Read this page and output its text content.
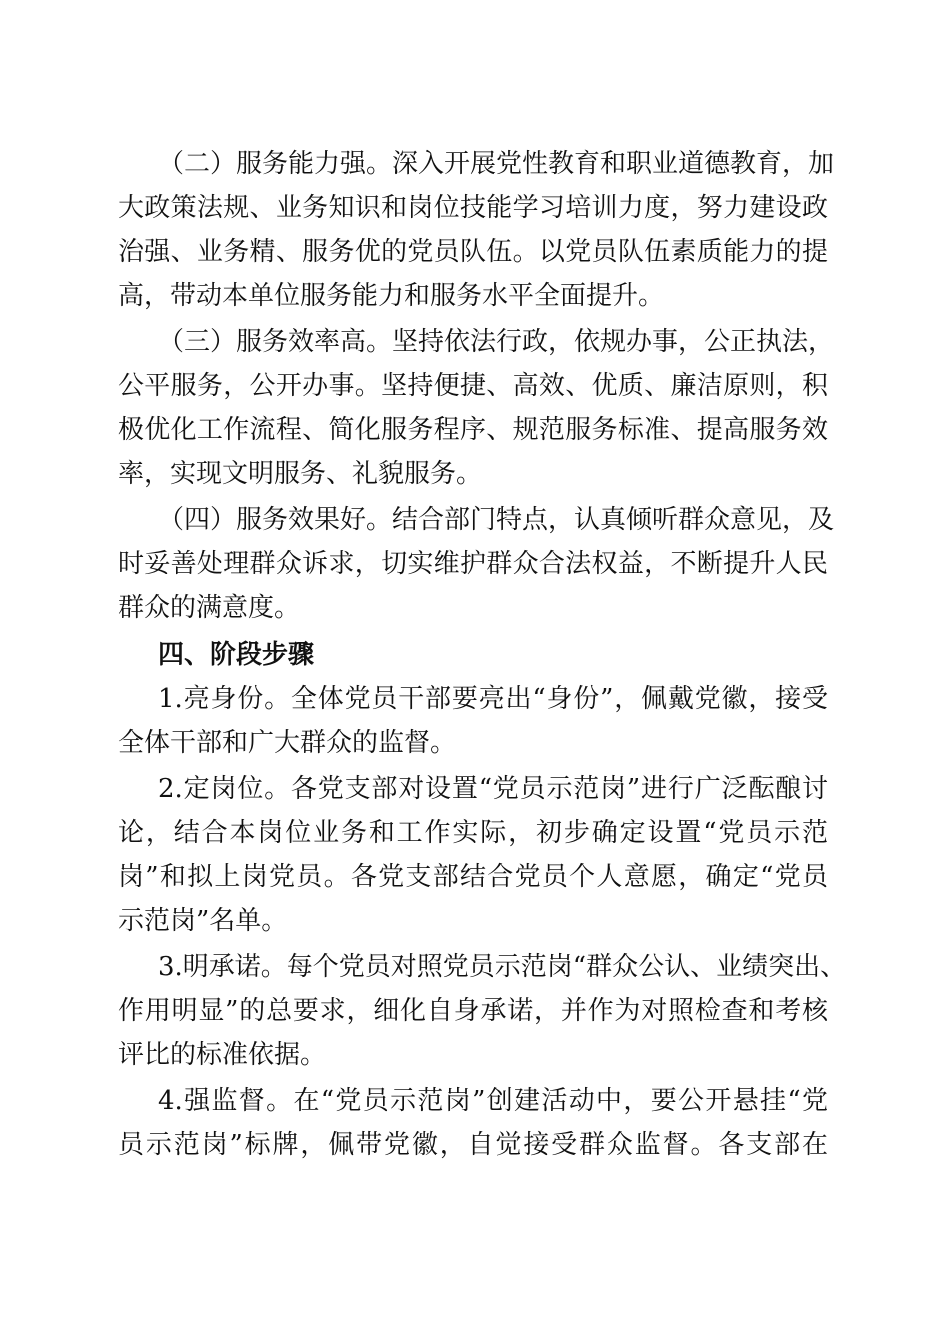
（二）服务能力强。深入开展党性教育和职业道德教育，加

大政策法规、业务知识和岗位技能学习培训力度，努力建设政

治强、业务精、服务优的党员队伍。以党员队伍素质能力的提

高，带动本单位服务能力和服务水平全面提升。

（三）服务效率高。坚持依法行政，依规办事，公正执法，

公平服务，公开办事。坚持便捷、高效、优质、廉洁原则，积

极优化工作流程、简化服务程序、规范服务标准、提高服务效

率，实现文明服务、礼貌服务。

（四）服务效果好。结合部门特点，认真倾听群众意见，及

时妥善处理群众诉求，切实维护群众合法权益，不断提升人民

群众的满意度。

四、阶段步骤

1.亮身份。全体党员干部要亮出“身份”，佩戴党徽，接受

全体干部和广大群众的监督。

2.定岗位。各党支部对设置“党员示范岗”进行广泛酝酿讨

论，结合本岗位业务和工作实际，初步确定设置“党员示范

岗”和拟上岗党员。各党支部结合党员个人意愿，确定“党员

示范岗”名单。

3.明承诺。每个党员对照党员示范岗“群众公认、业绩突出、

作用明显”的总要求，细化自身承诺，并作为对照检查和考核

评比的标准依据。

4.强监督。在“党员示范岗”创建活动中，要公开悬挂“党

员示范岗”标牌，佩带党徽，自觉接受群众监督。各支部在
